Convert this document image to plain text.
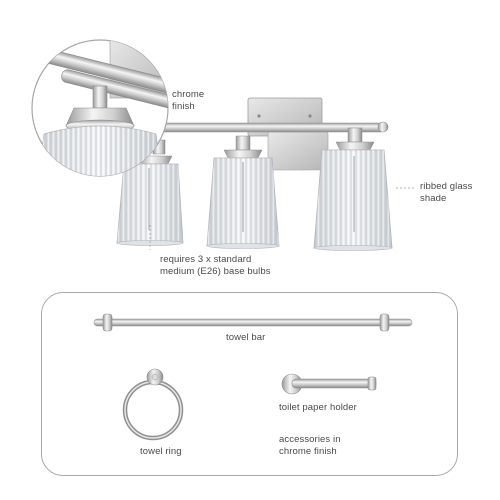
chrome
finish
ribbed glass
shade
requires 3 x standard
medium (E26) base bulbs
towel bar
towel ring
toilet paper holder
accessories in
chrome finish
